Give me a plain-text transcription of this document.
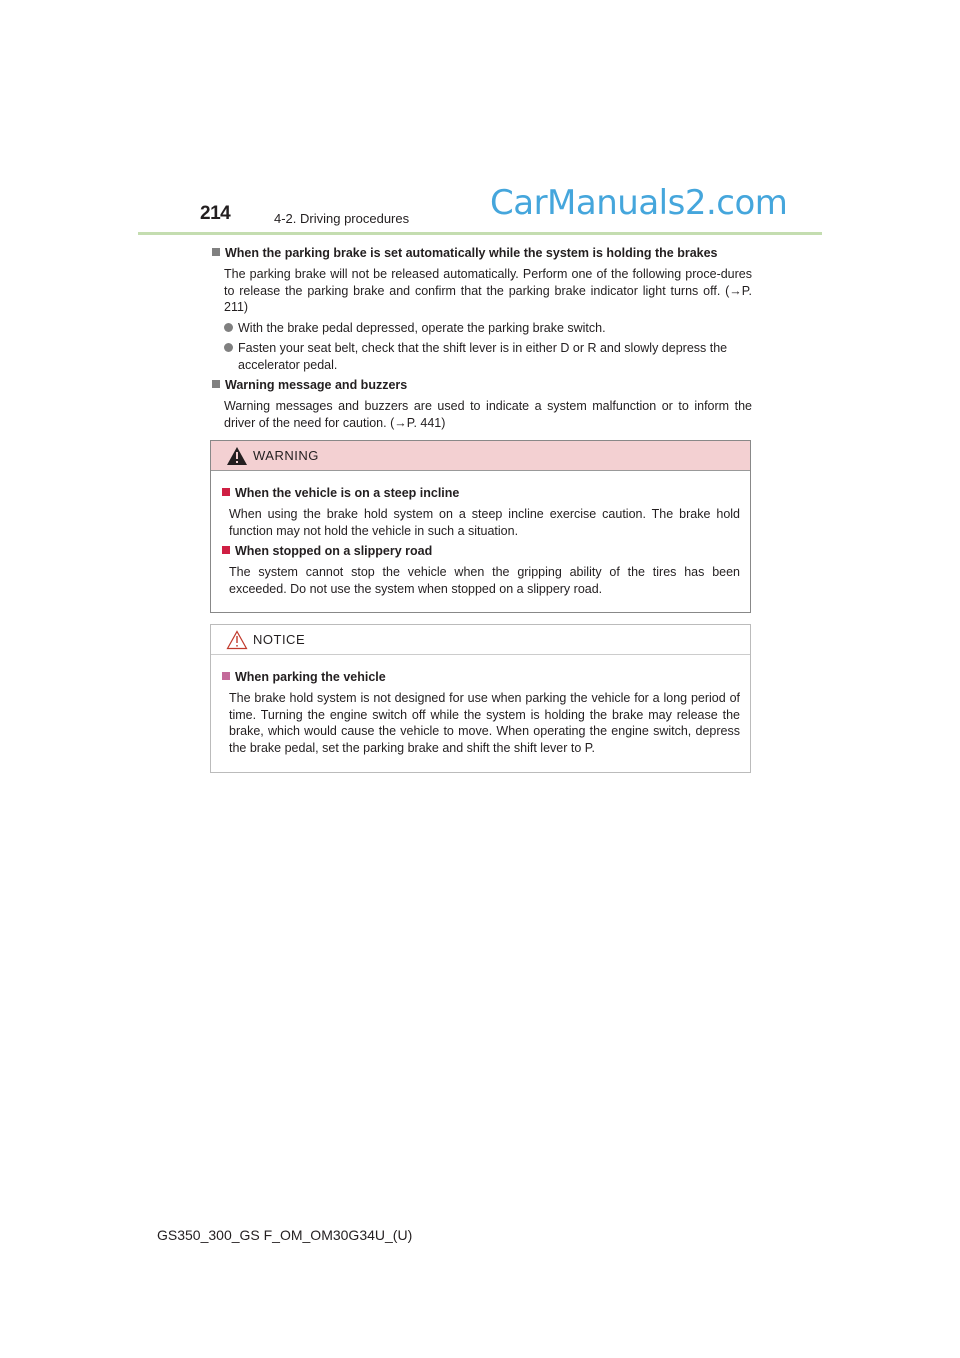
214	4-2. Driving procedures CarManuals2.com

When the parking brake is set automatically while the system is holding the brakes

The parking brake will not be released automatically. Perform one of the following proce-dures to release the parking brake and confirm that the parking brake indicator light turns off. (→P. 211)

With the brake pedal depressed, operate the parking brake switch.
Fasten your seat belt, check that the shift lever is in either D or R and slowly depress the accelerator pedal.

Warning message and buzzers

Warning messages and buzzers are used to indicate a system malfunction or to inform the driver of the need for caution. (→P. 441)

WARNING

When the vehicle is on a steep incline

When using the brake hold system on a steep incline exercise caution. The brake hold function may not hold the vehicle in such a situation.

When stopped on a slippery road

The system cannot stop the vehicle when the gripping ability of the tires has been exceeded. Do not use the system when stopped on a slippery road.

NOTICE

When parking the vehicle

The brake hold system is not designed for use when parking the vehicle for a long period of time. Turning the engine switch off while the system is holding the brake may release the brake, which would cause the vehicle to move. When operating the engine switch, depress the brake pedal, set the parking brake and shift the shift lever to P.

GS350_300_GS F_OM_OM30G34U_(U)
